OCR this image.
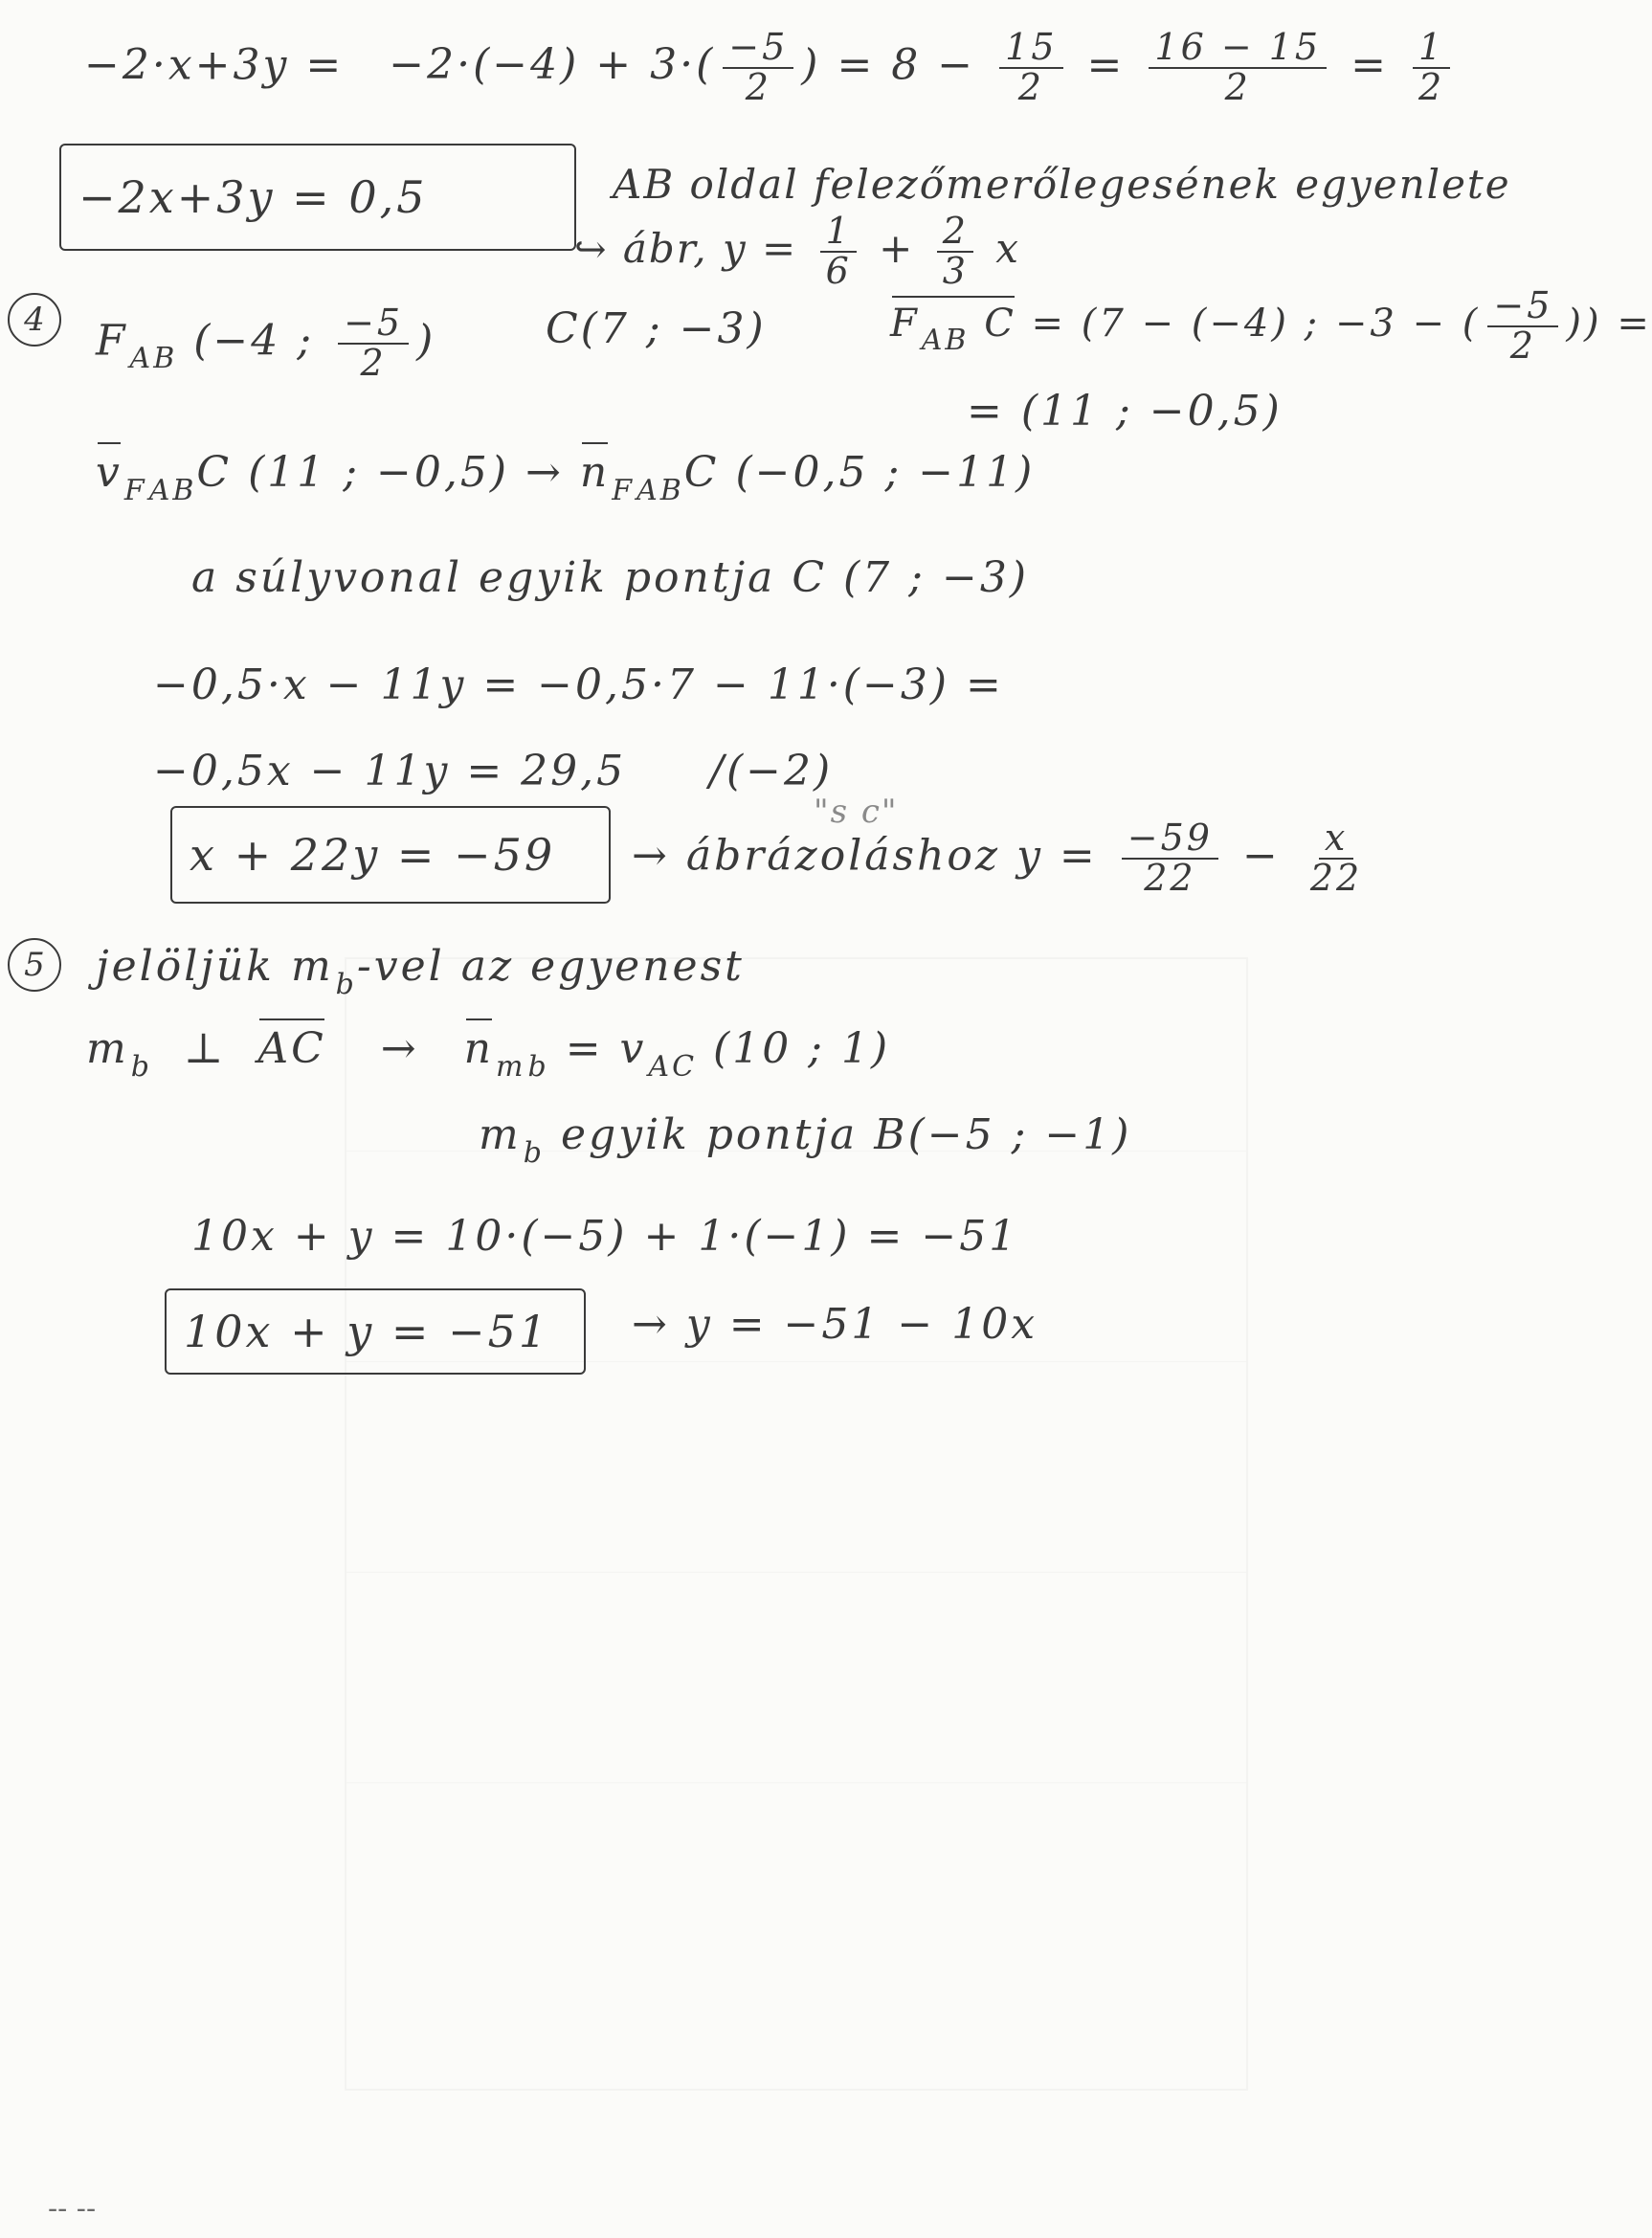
$-2\cdot x+3y = -2\cdot(-4) + 3\cdot( \frac{-5}{2}$ ) = $8 - \frac{15}{2} = \frac{16 - 15}{2} = \frac{1}{2}$
−2x+3y = 0,5	AB oldal felezőmerőlegesének egyenlete
↪ ábr, $y = \frac{1}{6} + \frac{2}{3}$ x
4 $F_{AB}$ (−4 ; $\frac{-5}{2}$ )	C(7 ; −3)	$F_{AB}$ C = (7 − (−4) ; −3 − ( $\frac{-5}{2}$ )) =
= (11 ; −0,5)
$v_{FAB}C$ (11 ; $-0,5) \to n_{FAB}C$ (−0,5 ; −11)
a súlyvonal egyik pontja C (7 ; −3)
−0,5·x − 11y = −0,5·7 − 11·(−3) =
−0,5x − 11y = 29,5 /(−2)
"s c"
x + 22y = −59 → ábrázoláshoz $y = \frac{-59}{22} - \frac{x}{22}$
5 jelöljük $m_b$-vel az egyenest
$m_b$ ⊥ AC → $n_{mb} = v_{AC}$ (10 ; 1)
$m_b$ egyik pontja B(−5 ; −1)
10x + y = 10·(−5) + 1·(−1) = −51
10x + y = −51 → y = −51 − 10x
‑‑ ‑‑
